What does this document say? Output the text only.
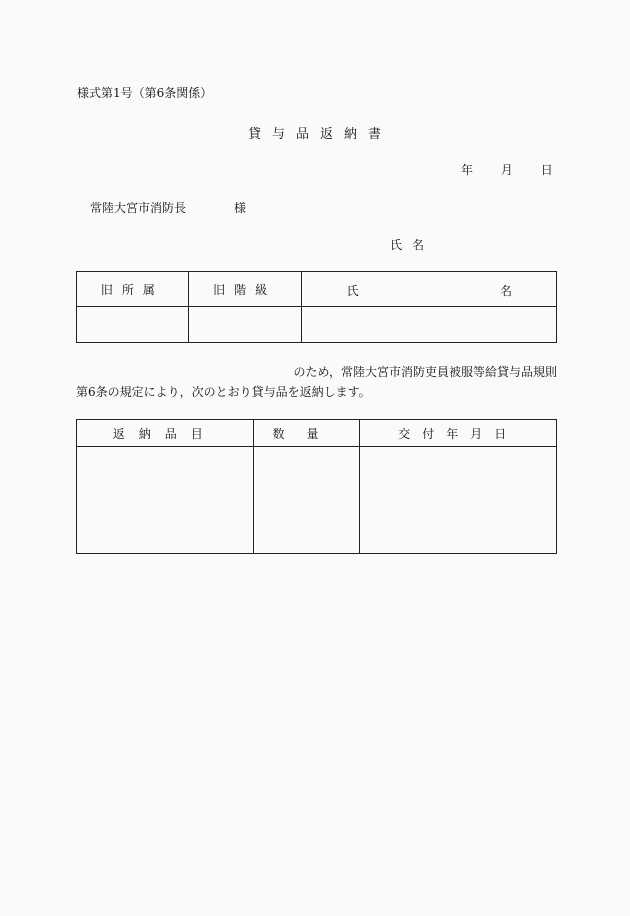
様式第1号（第6条関係）
貸与品返納書
年 月 日
常陸大宮市消防長	様
氏名
旧所属	旧階級	氏 名

のため，常陸大宮市消防吏員被服等給貸与品規則
第6条の規定により，次のとおり貸与品を返納します。
返納品目	数量	交付年月日
